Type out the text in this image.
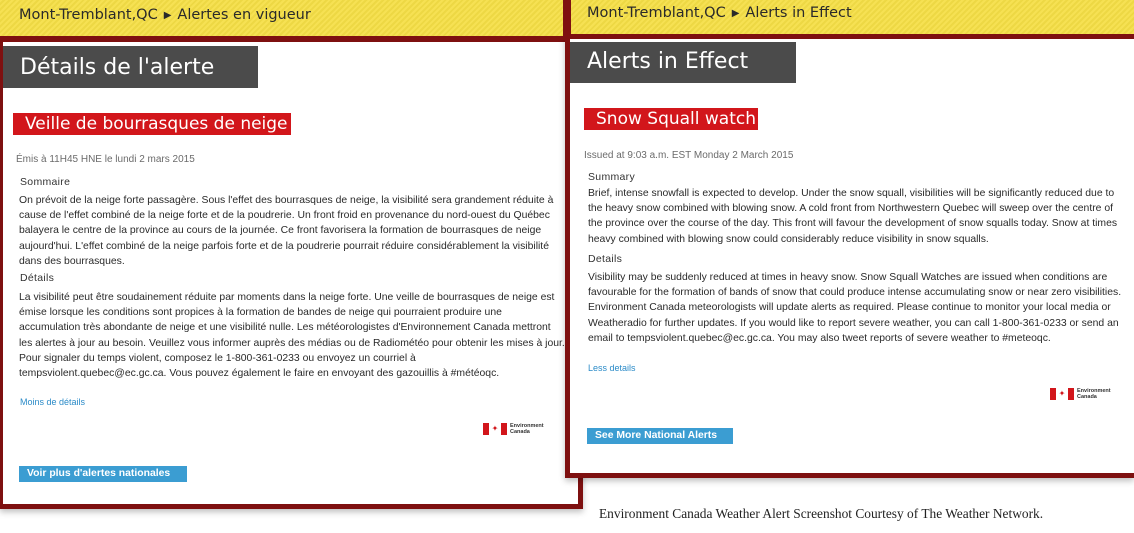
Détails de l'alerte
Veille de bourrasques de neige
Émis à 11H45 HNE le lundi 2 mars 2015
Sommaire
On prévoit de la neige forte passagère. Sous l'effet des bourrasques de neige, la visibilité sera grandement réduite à cause de l'effet combiné de la neige forte et de la poudrerie. Un front froid en provenance du nord-ouest du Québec balayera le centre de la province au cours de la journée. Ce front favorisera la formation de bourrasques de neige aujourd'hui. L'effet combiné de la neige parfois forte et de la poudrerie pourrait réduire considérablement la visibilité dans des bourrasques.
Détails
La visibilité peut être soudainement réduite par moments dans la neige forte. Une veille de bourrasques de neige est émise lorsque les conditions sont propices à la formation de bandes de neige qui pourraient produire une accumulation très abondante de neige et une visibilité nulle. Les météorologistes d'Environnement Canada mettront les alertes à jour au besoin. Veuillez vous informer auprès des médias ou de Radiométéo pour obtenir les mises à jour. Pour signaler du temps violent, composez le 1-800-361-0233 ou envoyez un courriel à tempsviolent.quebec@ec.gc.ca. Vous pouvez également le faire en envoyant des gazouillis à #météoqc.
Moins de détails
✦	Environment
Canada
Voir plus d'alertes nationales
Alerts in Effect
Snow Squall watch
Issued at 9:03 a.m. EST Monday 2 March 2015
Summary
Brief, intense snowfall is expected to develop. Under the snow squall, visibilities will be significantly reduced due to the heavy snow combined with blowing snow. A cold front from Northwestern Quebec will sweep over the centre of the province over the course of the day. This front will favour the development of snow squalls today. Snow at times heavy combined with blowing snow could considerably reduce visibility in snow squalls.
Details
Visibility may be suddenly reduced at times in heavy snow. Snow Squall Watches are issued when conditions are favourable for the formation of bands of snow that could produce intense accumulating snow or near zero visibilities. Environment Canada meteorologists will update alerts as required. Please continue to monitor your local media or Weatheradio for further updates. If you would like to report severe weather, you can call 1-800-361-0233 or send an email to tempsviolent.quebec@ec.gc.ca. You may also tweet reports of severe weather to #meteoqc.
Less details
✦	Environment
Canada
See More National Alerts
Mont-Tremblant,QC ▶ Alertes en vigueur	Mont-Tremblant,QC ▶ Alerts in Effect
Environment Canada Weather Alert Screenshot Courtesy of The Weather Network.
